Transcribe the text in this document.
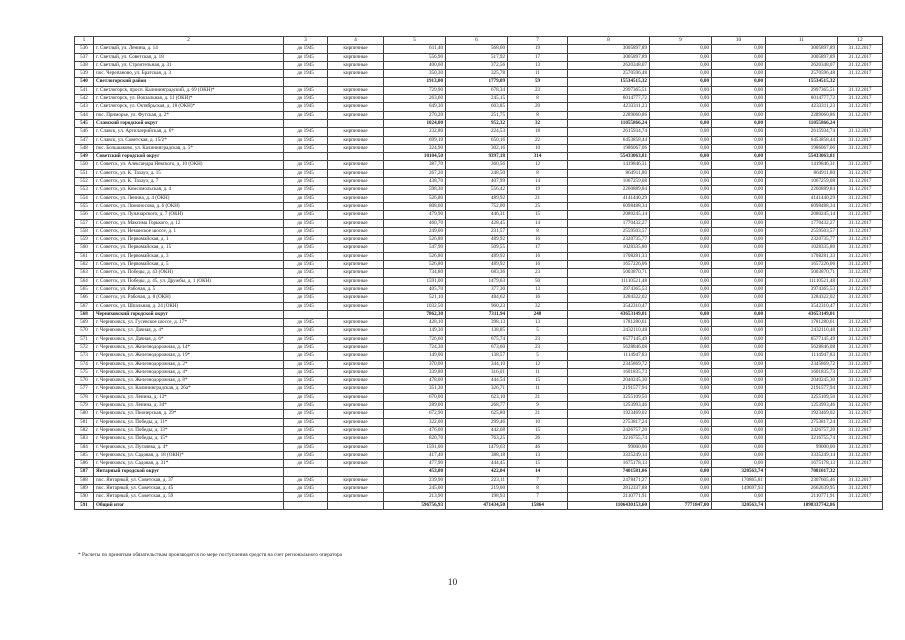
1	2	3	4	5	6	7	8	9	10	11	12
536	г. Светлый, ул. Ленина, д. 14	до 1945	кирпичные	611,40	568,60	19	3005897,89	0,00	0,00	3005897,89	31.12.2017
537	г. Светлый, ул. Советская, д. 18	до 1945	кирпичные	556,90	517,92	17	3005897,89	0,00	0,00	3005897,89	31.12.2017
538	г. Светлый, ул. Строительная, д. 31	до 1945	кирпичные	400,60	372,56	13	2620348,07	0,00	0,00	2620348,07	31.12.2017
539	пос. Черепаново, ул. Братская, д. 3	до 1945	кирпичные	350,30	325,78	11	2570596,48	0,00	0,00	2570596,48	31.12.2017
540	Светлогорский район			1913,00	1779,09	59	15534515,32	0,00	0,00	15534515,32	
541	г. Светлогорск, просп. Калининградский, д. 69 (ОКН)*	до 1945	кирпичные	729,90	678,34	23	2997365,51	0,00	0,00	2997365,51	31.12.2017
542	г. Светлогорск, ул. Вокзальная, д. 11 (ОКН)*	до 1945	кирпичные	263,60	245,15	8	6014777,72	0,00	0,00	6014777,72	31.12.2017
543	г. Светлогорск, ул. Октябрьская, д. 18 (ОКН)*	до 1945	кирпичные	649,30	603,85	20	4233311,23	0,00	0,00	4233311,23	31.12.2017
544	пос. Приморье, ул. Футская, д. 2*	до 1945	кирпичные	270,20	251,75	8	2289060,86	0,00	0,00	2289060,86	31.12.2017
545	Славский городской округ			1024,00	952,32	32	11055866,24	0,00	0,00	11055866,24	
546	г. Славск, ул. Артиллерийская, д. 6*	до 1945	кирпичные	232,80	224,53	18	2615934,74	0,00	0,00	2615934,74	31.12.2017
547	г. Славск, ул. Советская, д. 15/2*	до 1945	кирпичные	699,10	650,16	22	6453858,44	0,00	0,00	6453858,44	31.12.2017
548	пос. Большаково, ул. Калининградская, д. 5*	до 1945	кирпичные	324,90	302,16	10	1986067,06	0,00	0,00	1986067,06	31.12.2017
549	Советский городской округ			10104,50	9397,18	314	55433063,81	0,00	0,00	55433063,81	
550	г. Советск, ул. Александра Невского, д. 10 (ОКН)	до 1945	кирпичные	387,70	360,56	12	1419846,31	0,00	0,00	1419846,31	31.12.2017
551	г. Советск, ул. К. Тахауэ, д. 15	до 1945	кирпичные	267,20	248,50	8	864911,80	0,00	0,00	864911,80	31.12.2017
552	г. Советск, ул. К. Тахауэ, д. 7	до 1945	кирпичные	438,70	407,99	14	1067259,08	0,00	0,00	1067259,08	31.12.2017
553	г. Советск, ул. Комсомольская, д. 4	до 1945	кирпичные	598,30	556,42	19	2260889,84	0,00	0,00	2260889,84	31.12.2017
554	г. Советск, ул. Ленина, д. 4 (ОКН)	до 1945	кирпичные	526,80	489,92	21	4141440,29	0,00	0,00	4141440,29	31.12.2017
555	г. Советск, ул. Ломоносова, д. 6 (ОКН)	до 1945	кирпичные	808,60	752,00	25	6098488,34	0,00	0,00	6098488,34	31.12.2017
556	г. Советск, ул. Луначарского, д. 7 (ОКН)	до 1945	кирпичные	479,90	446,31	15	2080245,14	0,00	0,00	2080245,14	31.12.2017
557	г. Советск, ул. Максима Горького, д. 12	до 1945	кирпичные	460,70	428,45	14	1770432,27	0,00	0,00	1770432,27	31.12.2017
558	г. Советск, ул. Неманское шоссе, д. 1	до 1945	кирпичные	249,00	231,57	8	2559503,57	0,00	0,00	2559503,57	31.12.2017
559	г. Советск, ул. Первомайская, д. 1	до 1945	кирпичные	526,80	489,92	16	2320735,77	0,00	0,00	2320735,77	31.12.2017
560	г. Советск, ул. Первомайская, д. 15	до 1945	кирпичные	547,90	509,55	17	1028335,80	0,00	0,00	1028335,80	31.12.2017
561	г. Советск, ул. Первомайская, д. 3	до 1945	кирпичные	526,80	489,92	16	1708281,33	0,00	0,00	1708281,33	31.12.2017
562	г. Советск, ул. Первомайская, д. 5	до 1945	кирпичные	526,80	489,92	16	1657226,06	0,00	0,00	1657226,06	31.12.2017
563	г. Советск, ул. Победы, д. 43 (ОКН)	до 1945	кирпичные	734,80	683,36	23	5003870,71	0,00	0,00	5003870,71	31.12.2017
564	г. Советск, ул. Победы, д. 45, ул. Дружбы, д. 1 (ОКН)	до 1945	кирпичные	1591,00	1479,63	50	11110521,48	0,00	0,00	11110521,48	31.12.2017
565	г. Советск, ул. Рабочая, д. 5	до 1945	кирпичные	405,70	377,30	13	3974365,53	0,00	0,00	3974365,53	31.12.2017
566	г. Советск, ул. Рабочая, д. 8 (ОКН)	до 1945	кирпичные	521,10	484,62	16	3284322,02	0,00	0,00	3284322,02	31.12.2017
567	г. Советск, ул. Шпальная, д. 24 (ОКН)	до 1945	кирпичные	1032,50	960,23	32	3542310,47	0,00	0,00	3542310,47	31.12.2017
568	Черняховский городской округ			7862,30	7311,94	248	43653149,01	0,00	0,00	43653149,01	
569	г. Черняховск, ул. Гусевское шоссе, д. 17*	до 1945	кирпичные	428,10	398,13	13	1781280,61	0,00	0,00	1781280,61	31.12.2017
570	г. Черняховск, ул. Дачная, д. 4*	до 1945	кирпичные	149,30	138,85	5	2432110,48	0,00	0,00	2432110,48	31.12.2017
571	г. Черняховск, ул. Дачная, д. 6*	до 1945	кирпичные	726,60	675,74	23	6577145,49	0,00	0,00	6577145,49	31.12.2017
572	г. Черняховск, ул. Железнодорожная, д. 14*	до 1945	кирпичные	724,30	673,60	23	5628846,08	0,00	0,00	5628846,08	31.12.2017
573	г. Черняховск, ул. Железнодорожная, д. 19*	до 1945	кирпичные	149,00	138,57	5	1114947,83	0,00	0,00	1114947,83	31.12.2017
574	г. Черняховск, ул. Железнодорожная, д. 2*	до 1945	кирпичные	370,00	344,10	12	2345869,72	0,00	0,00	2345869,72	31.12.2017
575	г. Черняховск, ул. Железнодорожная, д. 4*	до 1945	кирпичные	339,80	316,01	11	1601835,73	0,00	0,00	1601835,73	31.12.2017
576	г. Черняховск, ул. Железнодорожная, д. 8*	до 1945	кирпичные	478,00	444,54	15	2040245,30	0,00	0,00	2040245,30	31.12.2017
577	г. Черняховск, ул. Калининградская, д. 26а*	до 1945	кирпичные	351,30	326,71	11	2191577,94	0,00	0,00	2191577,94	31.12.2017
578	г. Черняховск, ул. Ленина, д. 13*	до 1945	кирпичные	670,00	623,10	21	3255109,50	0,00	0,00	3255109,50	31.12.2017
579	г. Черняховск, ул. Ленина, д. 34*	до 1945	кирпичные	289,00	268,77	9	1253993,46	0,00	0,00	1253993,46	31.12.2017
580	г. Черняховск, ул. Пионерская, д. 29*	до 1945	кирпичные	672,90	625,80	21	1923469,02	0,00	0,00	1923469,02	31.12.2017
581	г. Черняховск, ул. Победы, д. 11*	до 1945	кирпичные	322,00	299,46	10	2753817,24	0,00	0,00	2753817,24	31.12.2017
582	г. Черняховск, ул. Победы, д. 13*	до 1945	кирпичные	476,00	442,68	15	2426757,20	0,00	0,00	2426757,20	31.12.2017
583	г. Черняховск, ул. Победы, д. 15*	до 1945	кирпичные	820,70	763,25	26	3216755,74	0,00	0,00	3216755,74	31.12.2017
584	г. Черняховск, ул. Пугачева, д. 4*	до 1945	кирпичные	1591,00	1479,63	46	99000,00	0,00	0,00	99000,00	31.12.2017
585	г. Черняховск, ул. Садовая, д. 18 (ОКН)*	до 1945	кирпичные	417,40	388,18	13	3335249,14	0,00	0,00	3335249,14	31.12.2017
586	г. Черняховск, ул. Садовая, д. 31*	до 1945	кирпичные	477,90	444,45	15	1675178,13	0,00	0,00	1675178,13	31.12.2017
587	Янтарный городской округ			453,80	422,04	14	7401581,06	0,00	320563,74	7081017,32	
588	пос. Янтарный, ул. Советская, д. 37	до 1945	кирпичные	239,90	223,11	7	2478471,27	0,00	170865,81	2307605,46	31.12.2017
589	пос. Янтарный, ул. Советская, д. 45	до 1945	кирпичные	245,00	219,00	8	2812337,88	0,00	149697,93	2662639,95	31.12.2017
590	пос. Янтарный, ул. Советская, д. 59	до 1945	кирпичные	213,90	198,93	7	2110771,91	0,00	0,00	2110771,91	31.12.2017
591	Общий итог			596756,93	471434,50	15864	1106430153,60	7771847,00	320563,74	1098337742,86	
* Расчеты по принятым обязательствам производятся по мере поступления средств на счет регионального оператора
10
